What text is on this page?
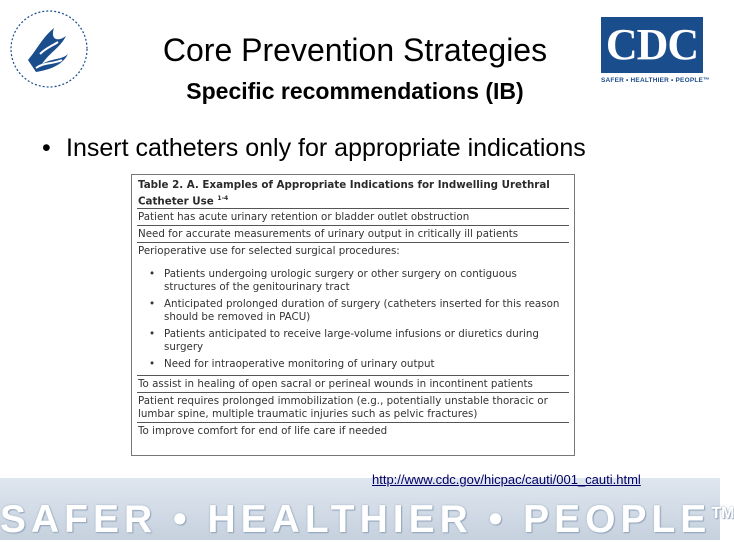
CDC
SAFER • HEALTHIER • PEOPLE™
Core Prevention Strategies
Specific recommendations (IB)
• Insert catheters only for appropriate indications
Table 2. A. Examples of Appropriate Indications for Indwelling Urethral Catheter Use $^{1-4}$
Patient has acute urinary retention or bladder outlet obstruction
Need for accurate measurements of urinary output in critically ill patients
Perioperative use for selected surgical procedures:
• Patients undergoing urologic surgery or other surgery on contiguous structures of the genitourinary tract
• Anticipated prolonged duration of surgery (catheters inserted for this reason should be removed in PACU)
• Patients anticipated to receive large-volume infusions or diuretics during surgery
• Need for intraoperative monitoring of urinary output
To assist in healing of open sacral or perineal wounds in incontinent patients
Patient requires prolonged immobilization (e.g., potentially unstable thoracic or lumbar spine, multiple traumatic injuries such as pelvic fractures)
To improve comfort for end of life care if needed
SAFER • HEALTHIER • PEOPLE™
http://www.cdc.gov/hicpac/cauti/001_cauti.html
